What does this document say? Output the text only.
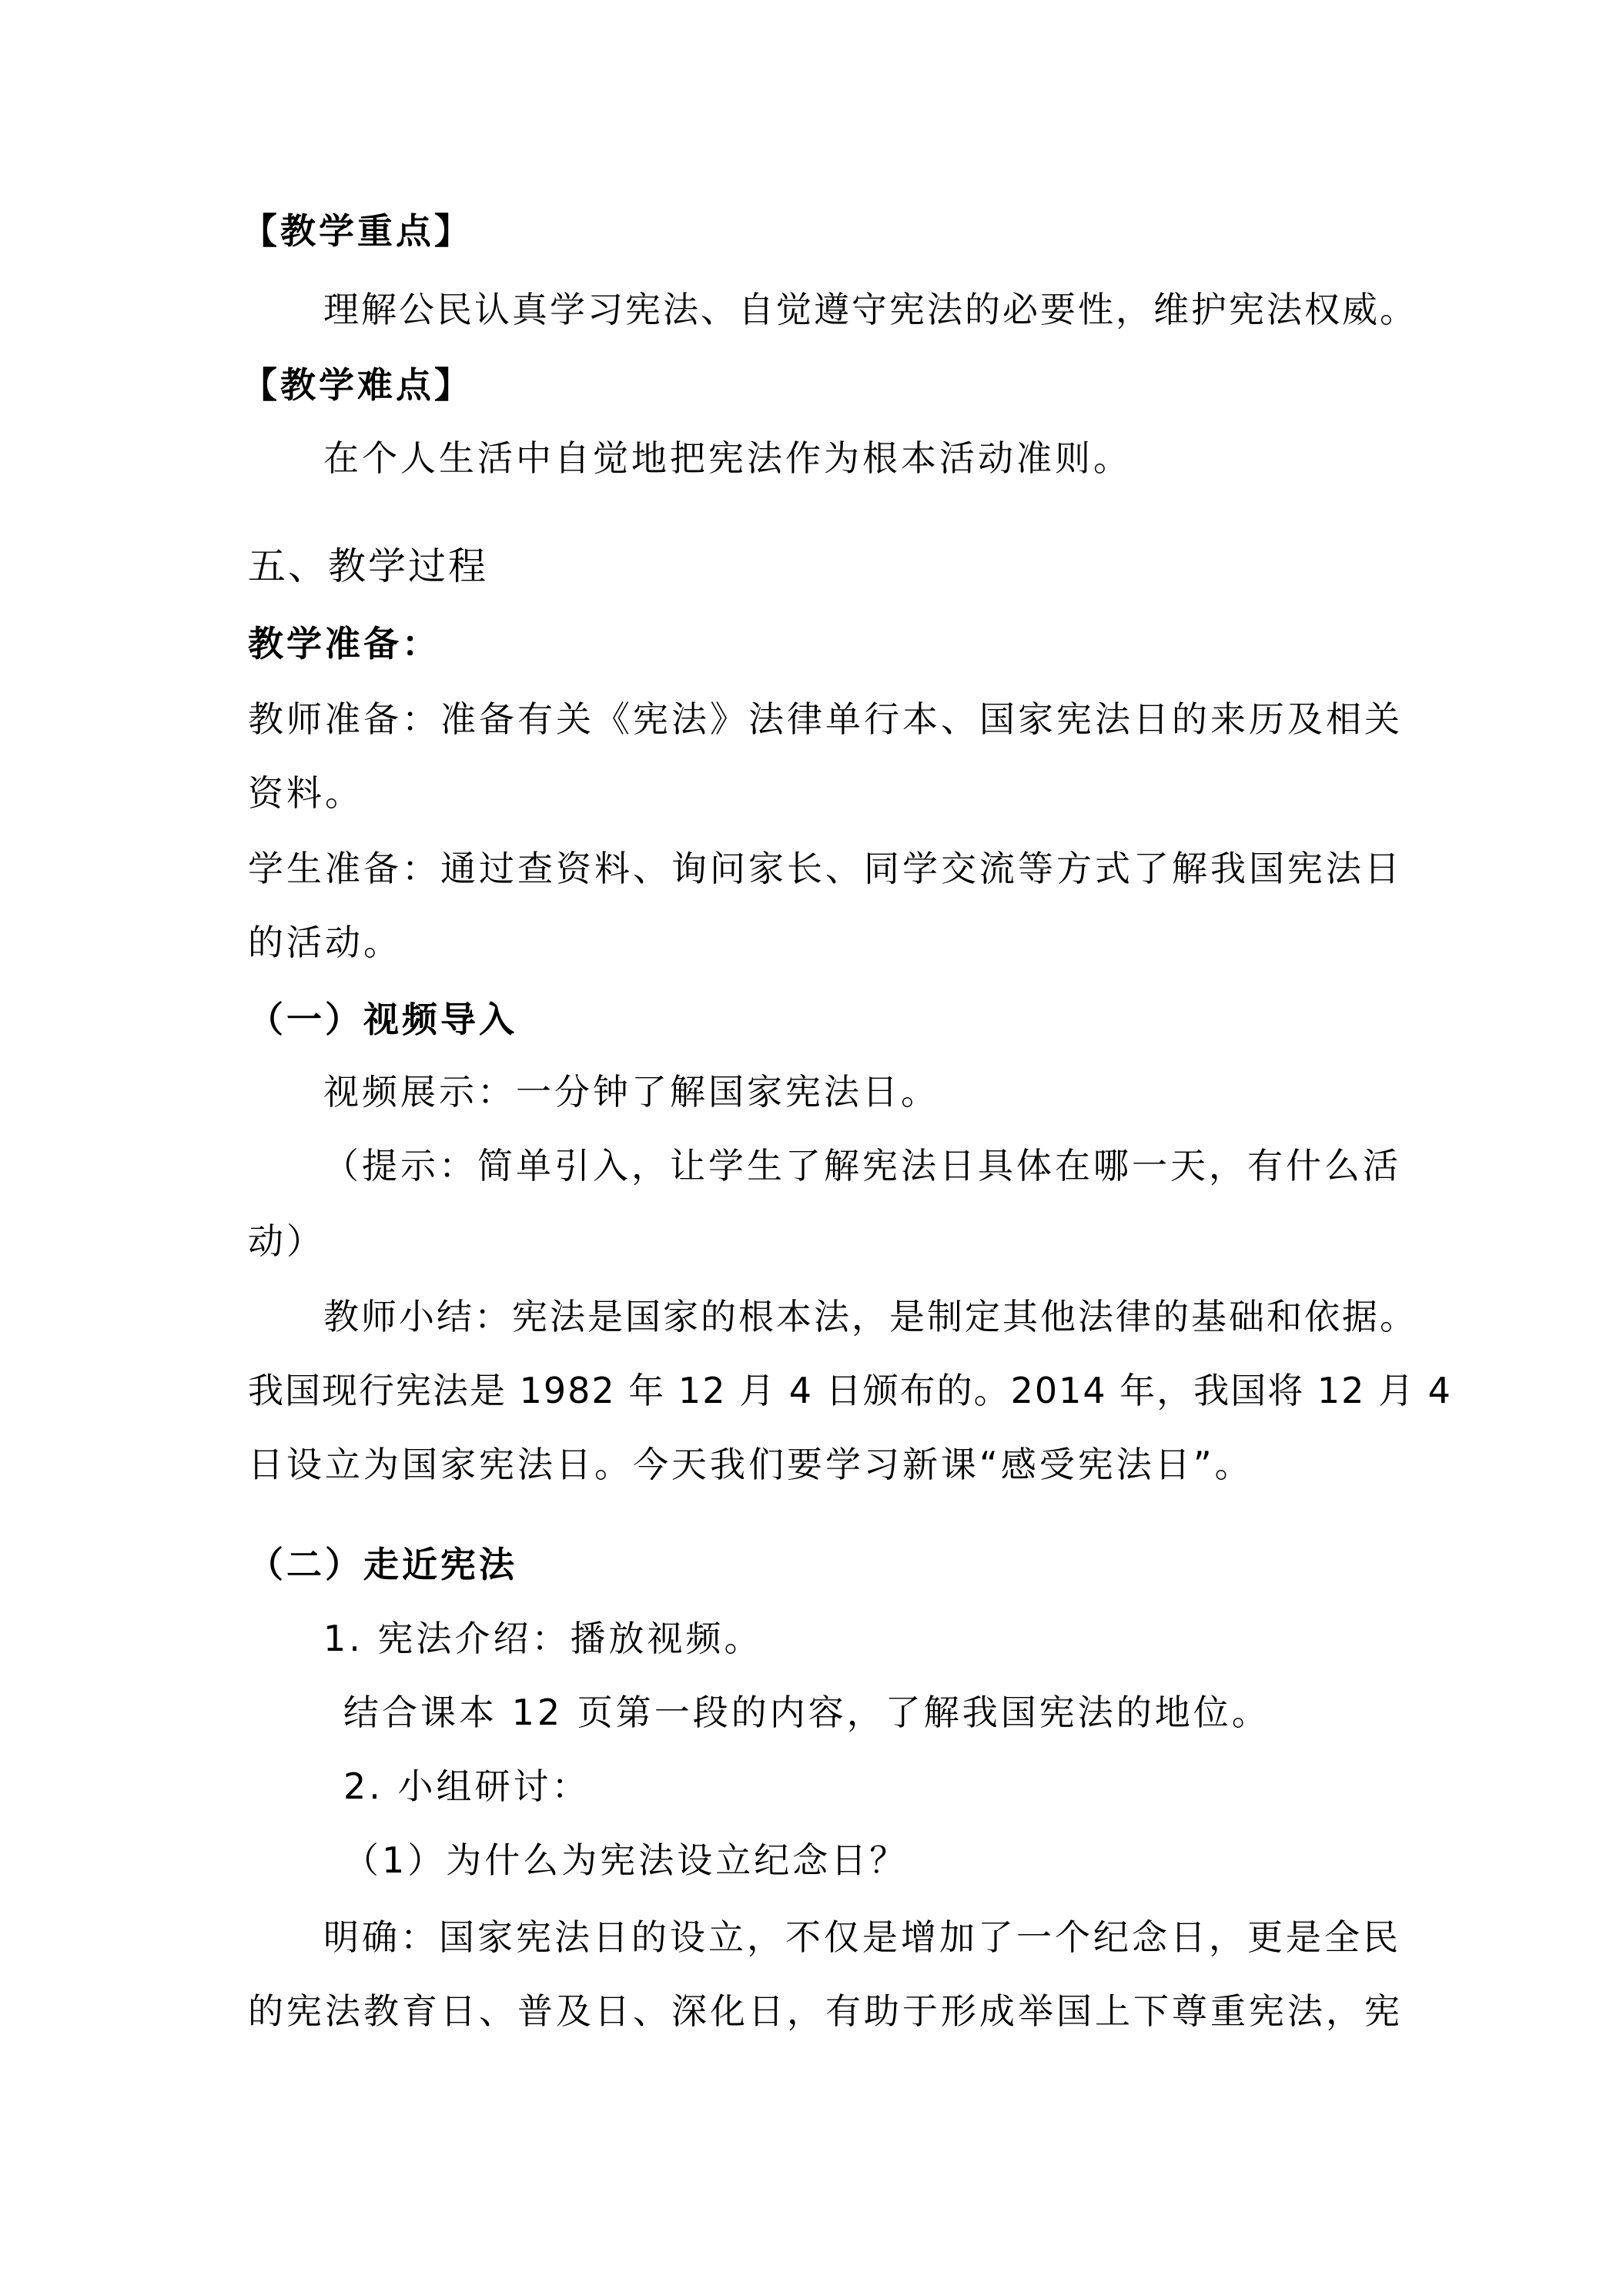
【教学重点】
理解公民认真学习宪法、自觉遵守宪法的必要性，维护宪法权威。
【教学难点】
在个人生活中自觉地把宪法作为根本活动准则。
五、教学过程
教学准备：
教师准备：准备有关《宪法》法律单行本、国家宪法日的来历及相关
资料。
学生准备：通过查资料、询问家长、同学交流等方式了解我国宪法日
的活动。
（一）视频导入
视频展示：一分钟了解国家宪法日。
（提示：简单引入，让学生了解宪法日具体在哪一天，有什么活
动）
教师小结：宪法是国家的根本法，是制定其他法律的基础和依据。
我国现行宪法是 1982 年 12 月 4 日颁布的。2014 年，我国将 12 月 4
日设立为国家宪法日。今天我们要学习新课“感受宪法日”。
（二）走近宪法
1. 宪法介绍：播放视频。
结合课本 12 页第一段的内容，了解我国宪法的地位。
2. 小组研讨：
（1）为什么为宪法设立纪念日？
明确：国家宪法日的设立，不仅是增加了一个纪念日，更是全民
的宪法教育日、普及日、深化日，有助于形成举国上下尊重宪法，宪
